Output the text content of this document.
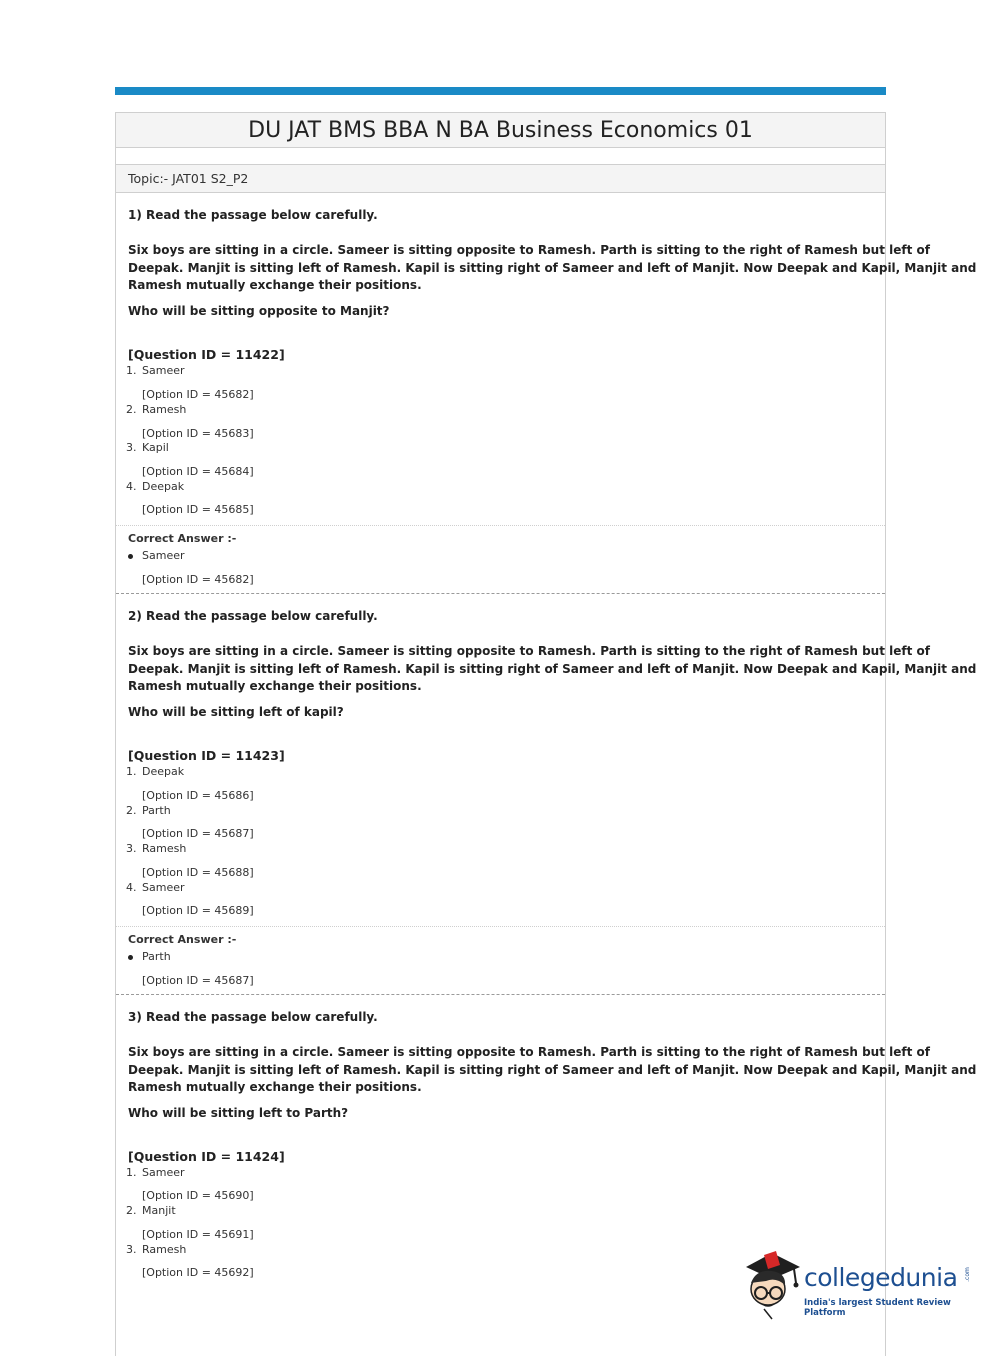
DU JAT BMS BBA N BA Business Economics 01
Topic:- JAT01 S2_P2
1) Read the passage below carefully.
Six boys are sitting in a circle. Sameer is sitting opposite to Ramesh. Parth is sitting to the right of Ramesh but left of
Deepak. Manjit is sitting left of Ramesh. Kapil is sitting right of Sameer and left of Manjit. Now Deepak and Kapil, Manjit and
Ramesh mutually exchange their positions.
Who will be sitting opposite to Manjit?
[Question ID = 11422]
1. Sameer
[Option ID = 45682]
2. Ramesh
[Option ID = 45683]
3. Kapil
[Option ID = 45684]
4. Deepak
[Option ID = 45685]
Correct Answer :-
Sameer
[Option ID = 45682]
2) Read the passage below carefully.
Six boys are sitting in a circle. Sameer is sitting opposite to Ramesh. Parth is sitting to the right of Ramesh but left of
Deepak. Manjit is sitting left of Ramesh. Kapil is sitting right of Sameer and left of Manjit. Now Deepak and Kapil, Manjit and
Ramesh mutually exchange their positions.
Who will be sitting left of kapil?
[Question ID = 11423]
1. Deepak
[Option ID = 45686]
2. Parth
[Option ID = 45687]
3. Ramesh
[Option ID = 45688]
4. Sameer
[Option ID = 45689]
Correct Answer :-
Parth
[Option ID = 45687]
3) Read the passage below carefully.
Six boys are sitting in a circle. Sameer is sitting opposite to Ramesh. Parth is sitting to the right of Ramesh but left of
Deepak. Manjit is sitting left of Ramesh. Kapil is sitting right of Sameer and left of Manjit. Now Deepak and Kapil, Manjit and
Ramesh mutually exchange their positions.
Who will be sitting left to Parth?
[Question ID = 11424]
1. Sameer
[Option ID = 45690]
2. Manjit
[Option ID = 45691]
3. Ramesh
[Option ID = 45692]	collegedunia .com
India's largest Student Review Platform
